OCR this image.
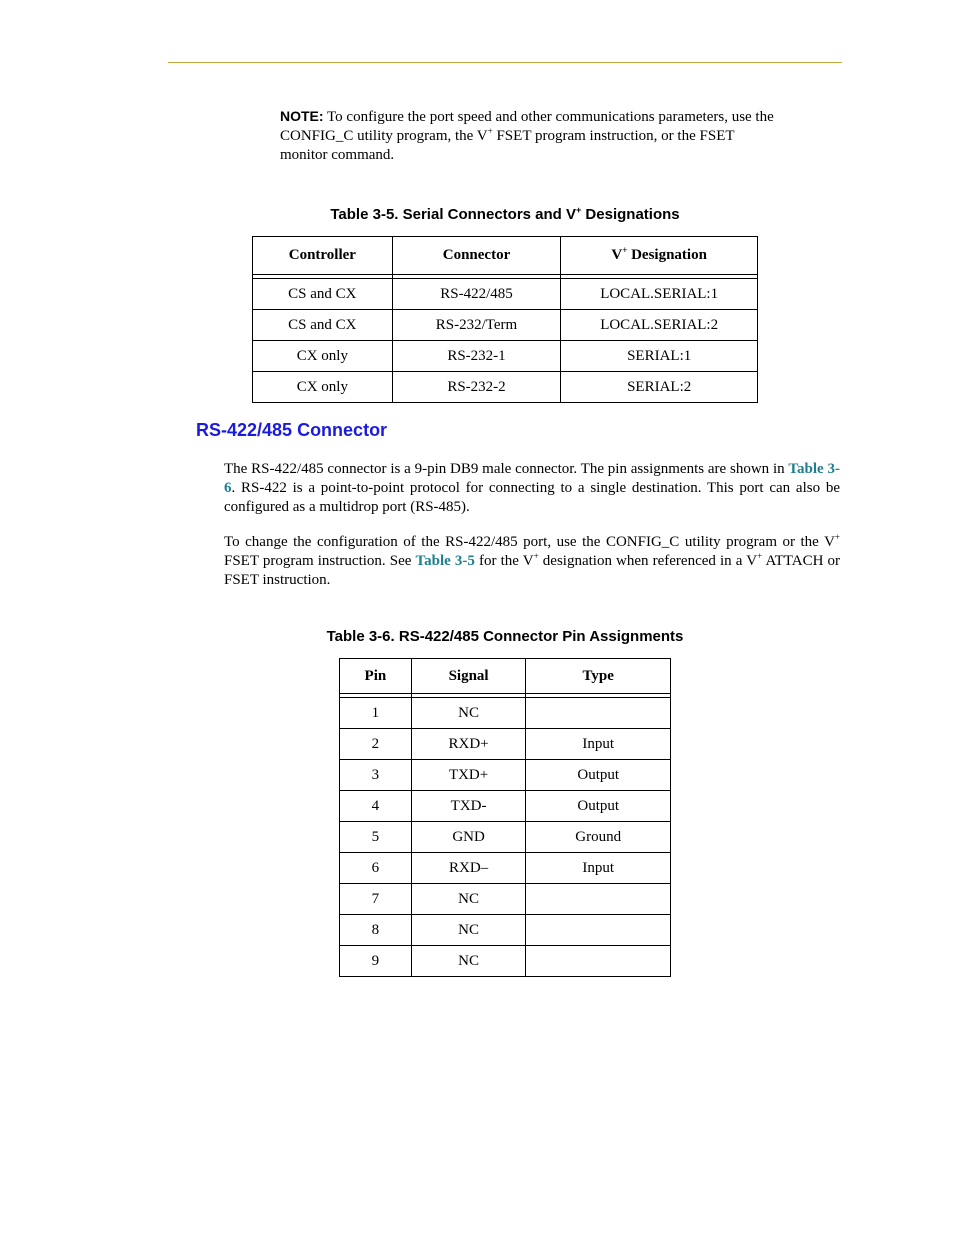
NOTE: To configure the port speed and other communications parameters, use the CONFIG_C utility program, the V+ FSET program instruction, or the FSET monitor command.

Table 3-5. Serial Connectors and V+ Designations
Controller	Connector	V+ Designation

CS and CX	RS-422/485	LOCAL.SERIAL:1
CS and CX	RS-232/Term	LOCAL.SERIAL:2
CX only	RS-232-1	SERIAL:1
CX only	RS-232-2	SERIAL:2
RS-422/485 Connector

The RS-422/485 connector is a 9-pin DB9 male connector. The pin assignments are shown in Table 3-6. RS-422 is a point-to-point protocol for connecting to a single destination. This port can also be configured as a multidrop port (RS-485).

To change the configuration of the RS-422/485 port, use the CONFIG_C utility program or the V+ FSET program instruction. See Table 3-5 for the V+ designation when referenced in a V+ ATTACH or FSET instruction.

Table 3-6. RS-422/485 Connector Pin Assignments
Pin	Signal	Type

1	NC	
2	RXD+	Input
3	TXD+	Output
4	TXD-	Output
5	GND	Ground
6	RXD–	Input
7	NC	
8	NC	
9	NC	
